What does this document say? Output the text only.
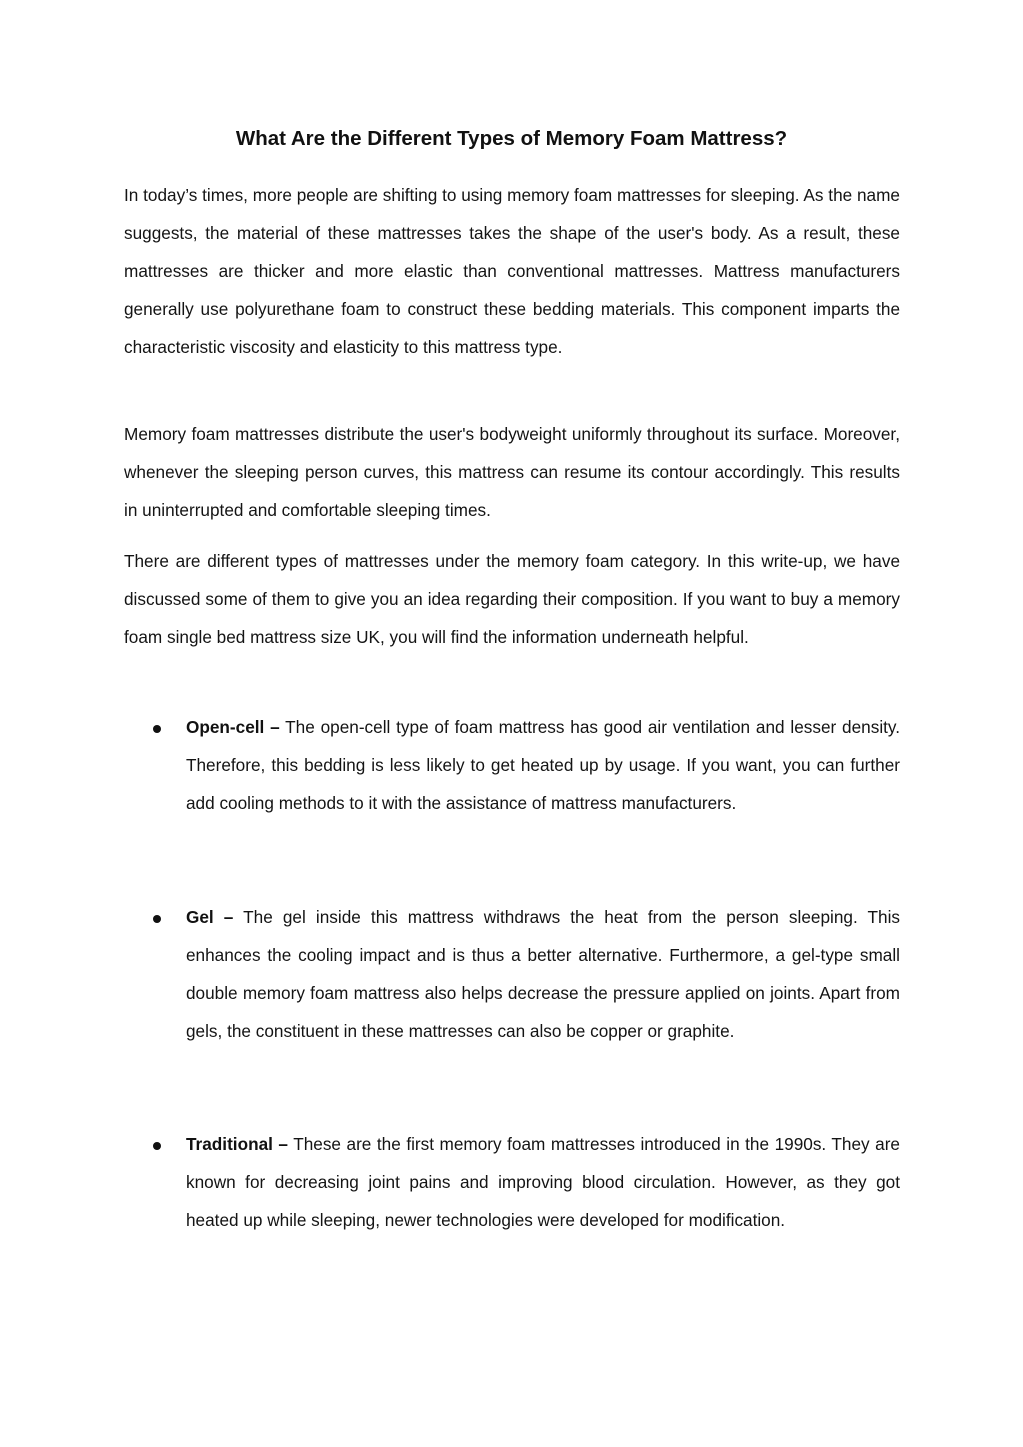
What Are the Different Types of Memory Foam Mattress?

In today’s times, more people are shifting to using memory foam mattresses for sleeping. As the name suggests, the material of these mattresses takes the shape of the user's body. As a result, these mattresses are thicker and more elastic than conventional mattresses. Mattress manufacturers generally use polyurethane foam to construct these bedding materials. This component imparts the characteristic viscosity and elasticity to this mattress type.

Memory foam mattresses distribute the user's bodyweight uniformly throughout its surface. Moreover, whenever the sleeping person curves, this mattress can resume its contour accordingly. This results in uninterrupted and comfortable sleeping times.

There are different types of mattresses under the memory foam category. In this write-up, we have discussed some of them to give you an idea regarding their composition. If you want to buy a memory foam single bed mattress size UK, you will find the information underneath helpful.

Open-cell – The open-cell type of foam mattress has good air ventilation and lesser density. Therefore, this bedding is less likely to get heated up by usage. If you want, you can further add cooling methods to it with the assistance of mattress manufacturers.

Gel – The gel inside this mattress withdraws the heat from the person sleeping. This enhances the cooling impact and is thus a better alternative. Furthermore, a gel-type small double memory foam mattress also helps decrease the pressure applied on joints. Apart from gels, the constituent in these mattresses can also be copper or graphite.

Traditional – These are the first memory foam mattresses introduced in the 1990s. They are known for decreasing joint pains and improving blood circulation. However, as they got heated up while sleeping, newer technologies were developed for modification.
